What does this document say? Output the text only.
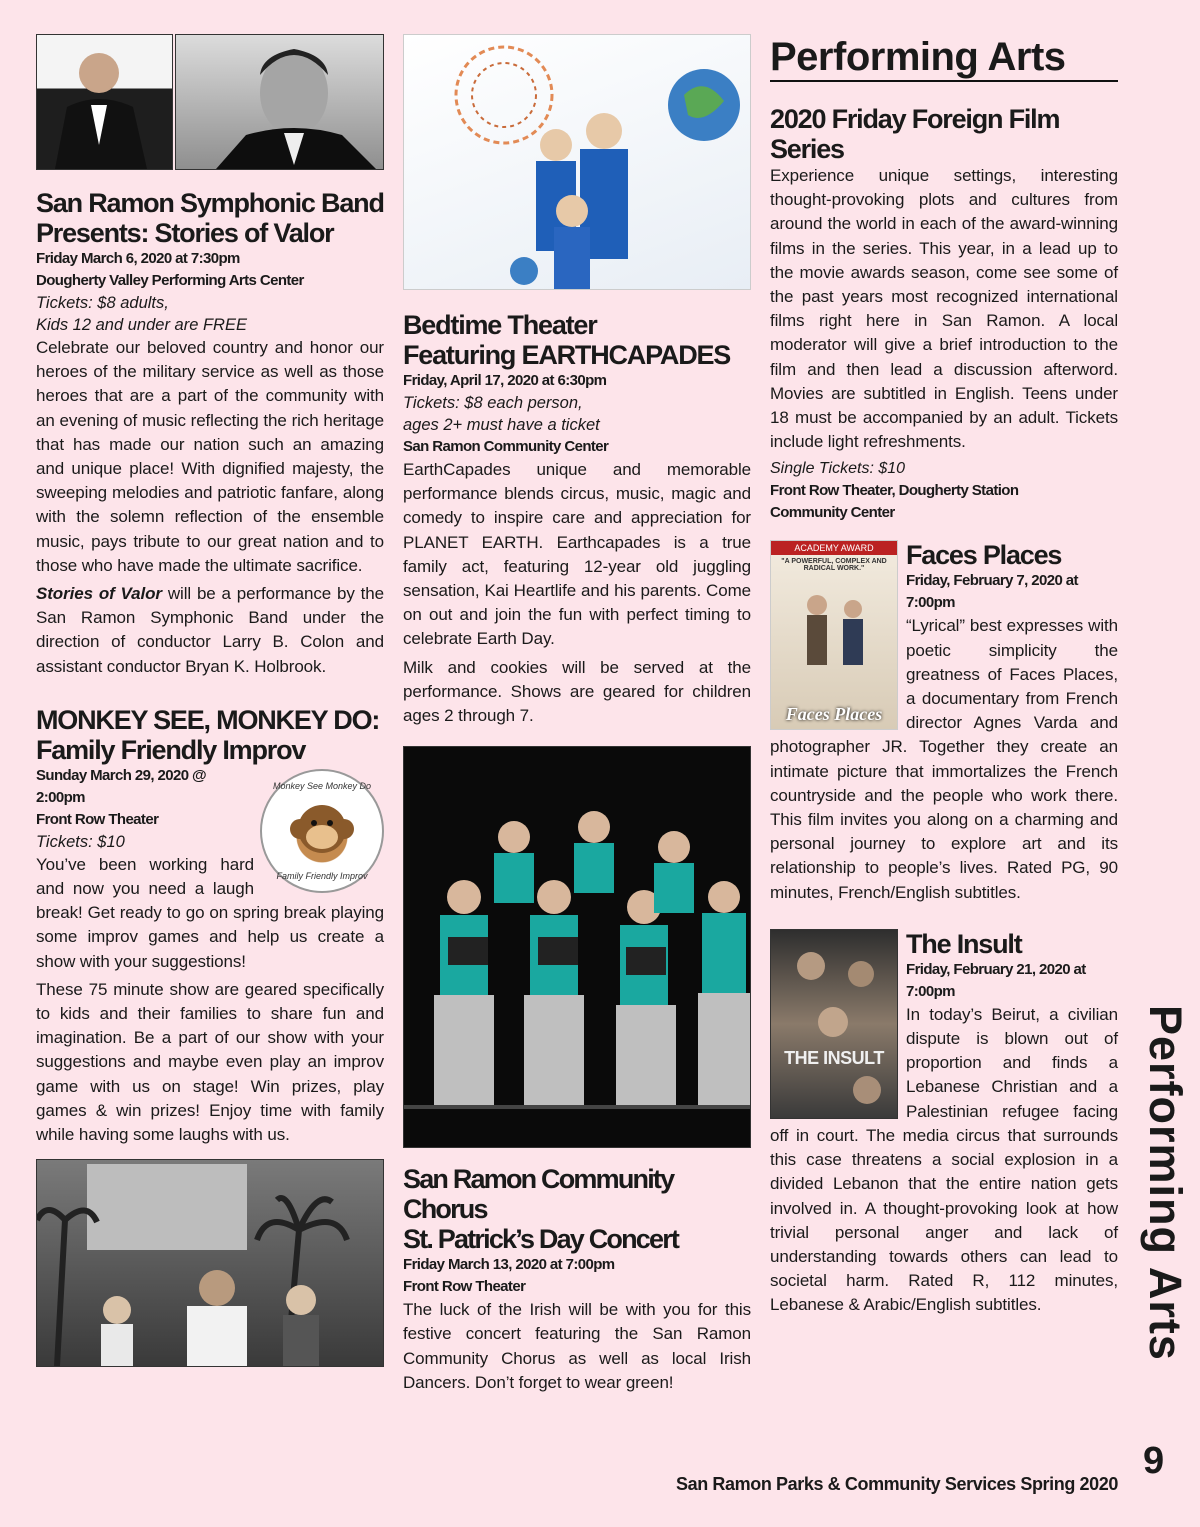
San Ramon Symphonic Band
Presents: Stories of Valor
Friday March 6, 2020 at 7:30pm
Dougherty Valley Performing Arts Center
Tickets: $8 adults,
Kids 12 and under are FREE

Celebrate our beloved country and honor our heroes of the military service as well as those heroes that are a part of the community with an evening of music reflecting the rich heritage that has made our nation such an amazing and unique place! With dignified majesty, the sweeping melodies and patriotic fanfare, along with the solemn reflection of the ensemble music, pays tribute to our great nation and to those who have made the ultimate sacrifice.

Stories of Valor will be a performance by the San Ramon Symphonic Band under the direction of conductor Larry B. Colon and assistant conductor Bryan K. Holbrook.

MONKEY SEE, MONKEY DO:
Family Friendly Improv
Monkey See Monkey Do
Family Friendly Improv
Sunday March 29, 2020 @ 2:00pm
Front Row Theater
Tickets: $10

You’ve been working hard and now you need a laugh break! Get ready to go on spring break playing some improv games and help us create a show with your suggestions!

These 75 minute show are geared specifically to kids and their families to share fun and imagination. Be a part of our show with your suggestions and maybe even play an improv game with us on stage! Win prizes, play games & win prizes! Enjoy time with family while having some laughs with us.

Bedtime Theater
Featuring EARTHCAPADES
Friday, April 17, 2020 at 6:30pm
Tickets: $8 each person,
ages 2+ must have a ticket
San Ramon Community Center

EarthCapades unique and memorable performance blends circus, music, magic and comedy to inspire care and appreciation for PLANET EARTH. Earthcapades is a true family act, featuring 12-year old juggling sensation, Kai Heartlife and his parents. Come on out and join the fun with perfect timing to celebrate Earth Day.

Milk and cookies will be served at the performance. Shows are geared for children ages 2 through 7.

San Ramon Community Chorus
St. Patrick’s Day Concert
Friday March 13, 2020 at 7:00pm
Front Row Theater

The luck of the Irish will be with you for this festive concert featuring the San Ramon Community Chorus as well as local Irish Dancers. Don’t forget to wear green!

Performing Arts
2020 Friday Foreign Film
Series

Experience unique settings, interesting thought-provoking plots and cultures from around the world in each of the award-winning films in the series. This year, in a lead up to the movie awards season, come see some of the past years most recognized international films right here in San Ramon. A local moderator will give a brief introduction to the film and then lead a discussion afterword. Movies are subtitled in English. Teens under 18 must be accompanied by an adult. Tickets include light refreshments.

Single Tickets: $10
Front Row Theater, Dougherty Station
Community Center
ACADEMY AWARD
"A POWERFUL, COMPLEX AND RADICAL WORK."
Faces Places
Faces Places
Friday, February 7, 2020 at
7:00pm

“Lyrical” best expresses with poetic simplicity the greatness of Faces Places, a documentary from French director Agnes Varda and photographer JR. Together they create an intimate picture that immortalizes the French countryside and the people who work there. This film invites you along on a charming and personal journey to explore art and its relationship to people’s lives. Rated PG, 90 minutes, French/English subtitles.

THE INSULT
The Insult
Friday, February 21, 2020 at
7:00pm

In today’s Beirut, a civilian dispute is blown out of proportion and finds a Lebanese Christian and a Palestinian refugee facing off in court. The media circus that surrounds this case threatens a social explosion in a divided Lebanon that the entire nation gets involved in. A thought-provoking look at how trivial personal anger and lack of understanding towards others can lead to societal harm. Rated R, 112 minutes, Lebanese & Arabic/English subtitles.	Performing Arts
9
San Ramon Parks & Community Services Spring 2020
